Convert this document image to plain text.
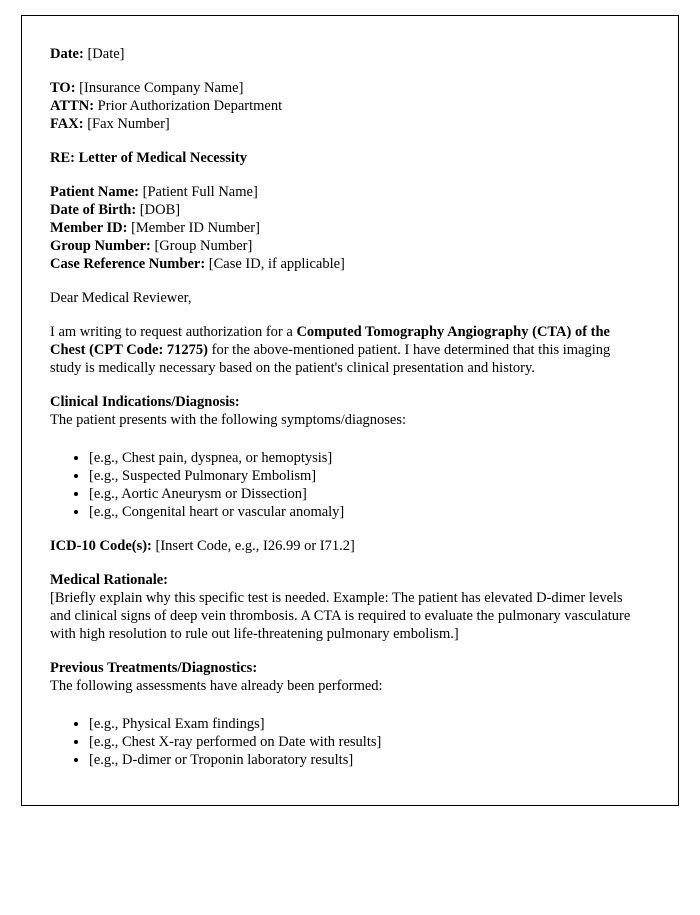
Date: [Date]
TO: [Insurance Company Name]
ATTN: Prior Authorization Department
FAX: [Fax Number]
RE: Letter of Medical Necessity
Patient Name: [Patient Full Name]
Date of Birth: [DOB]
Member ID: [Member ID Number]
Group Number: [Group Number]
Case Reference Number: [Case ID, if applicable]
Dear Medical Reviewer,

I am writing to request authorization for a Computed Tomography Angiography (CTA) of the Chest (CPT Code: 71275) for the above-mentioned patient. I have determined that this imaging study is medically necessary based on the patient's clinical presentation and history.

Clinical Indications/Diagnosis:
The patient presents with the following symptoms/diagnoses:
• [e.g., Chest pain, dyspnea, or hemoptysis]
• [e.g., Suspected Pulmonary Embolism]
• [e.g., Aortic Aneurysm or Dissection]
• [e.g., Congenital heart or vascular anomaly]
ICD-10 Code(s): [Insert Code, e.g., I26.99 or I71.2]
Medical Rationale:
[Briefly explain why this specific test is needed. Example: The patient has elevated D-dimer levels and clinical signs of deep vein thrombosis. A CTA is required to evaluate the pulmonary vasculature with high resolution to rule out life-threatening pulmonary embolism.]
Previous Treatments/Diagnostics:
The following assessments have already been performed:
• [e.g., Physical Exam findings]
• [e.g., Chest X-ray performed on Date with results]
• [e.g., D-dimer or Troponin laboratory results]
